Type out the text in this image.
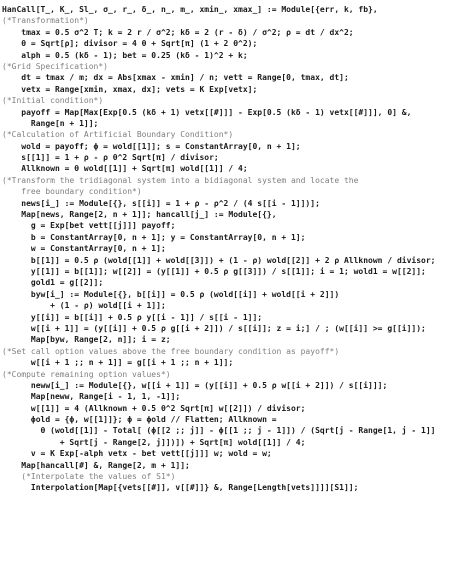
HanCall[T_, K_, Sl_, σ_, r_, δ_, n_, m_, xmin_, xmax_] := Module[{err, k, fb},
(*Transformation*)
tmax = 0.5 σ^2 T; k = 2 r / σ^2; kδ = 2 (r - δ) / σ^2; ρ = dt / dx^2;
θ = Sqrt[ρ]; divisor = 4 θ + Sqrt[π] (1 + 2 θ^2);
alph = 0.5 (kδ - 1); bet = 0.25 (kδ - 1)^2 + k;
(*Grid Specification*)
dt = tmax / m; dx = Abs[xmax - xmin] / n; vett = Range[0, tmax, dt];
vetx = Range[xmin, xmax, dx]; vets = K Exp[vetx];
(*Initial condition*)
payoff = Map[Max[Exp[0.5 (kδ + 1) vetx[[#]]] - Exp[0.5 (kδ - 1) vetx[[#]]], 0] &,
Range[n + 1]];
(*Calculation of Artificial Boundary Condition*)
wold = payoff; ϕ = wold[[1]]; s = ConstantArray[0, n + 1];
s[[1]] = 1 + ρ - ρ θ^2 Sqrt[π] / divisor;
Allknown = θ wold[[1]] + Sqrt[π] wold[[1]] / 4;
(*Transform the tridiagonal system into a bidiagonal system and locate the
free boundary condition*)
news[i_] := Module[{}, s[[i]] = 1 + ρ - ρ^2 / (4 s[[i - 1]])];
Map[news, Range[2, n + 1]]; hancall[j_] := Module[{},
g = Exp[bet vett[[j]]] payoff;
b = ConstantArray[0, n + 1]; y = ConstantArray[0, n + 1];
w = ConstantArray[0, n + 1];
b[[1]] = 0.5 ρ (wold[[1]] + wold[[3]]) + (1 - ρ) wold[[2]] + 2 ρ Allknown / divisor;
y[[1]] = b[[1]]; w[[2]] = (y[[1]] + 0.5 ρ g[[3]]) / s[[1]]; i = 1; wold1 = w[[2]];
gold1 = g[[2]];
byw[i_] := Module[{}, b[[i]] = 0.5 ρ (wold[[i]] + wold[[i + 2]])
+ (1 - ρ) wold[[i + 1]];
y[[i]] = b[[i]] + 0.5 ρ y[[i - 1]] / s[[i - 1]];
w[[i + 1]] = (y[[i]] + 0.5 ρ g[[i + 2]]) / s[[i]]; z = i;] / ; (w[[i]] >= g[[i]]);
Map[byw, Range[2, n]]; i = z;
(*Set call option values above the free boundary condition as payoff*)
w[[i + 1 ;; n + 1]] = g[[i + 1 ;; n + 1]];
(*Compute remaining option values*)
neww[i_] := Module[{}, w[[i + 1]] = (y[[i]] + 0.5 ρ w[[i + 2]]) / s[[i]]];
Map[neww, Range[i - 1, 1, -1]];
w[[1]] = 4 (Allknown + 0.5 θ^2 Sqrt[π] w[[2]]) / divisor;
ϕold = {ϕ, w[[1]]}; ϕ = ϕold // Flatten; Allknown =
θ (wold[[1]] - Total[ (ϕ[[2 ;; j]] - ϕ[[1 ;; j - 1]]) / (Sqrt[j - Range[1, j - 1]]
+ Sqrt[j - Range[2, j]])]) + Sqrt[π] wold[[1]] / 4;
v = K Exp[-alph vetx - bet vett[[j]]] w; wold = w;
Map[hancall[#] &, Range[2, m + 1]];
(*Interpolate the values of S1*)
Interpolation[Map[{vets[[#]], v[[#]]} &, Range[Length[vets]]]][S1]];
